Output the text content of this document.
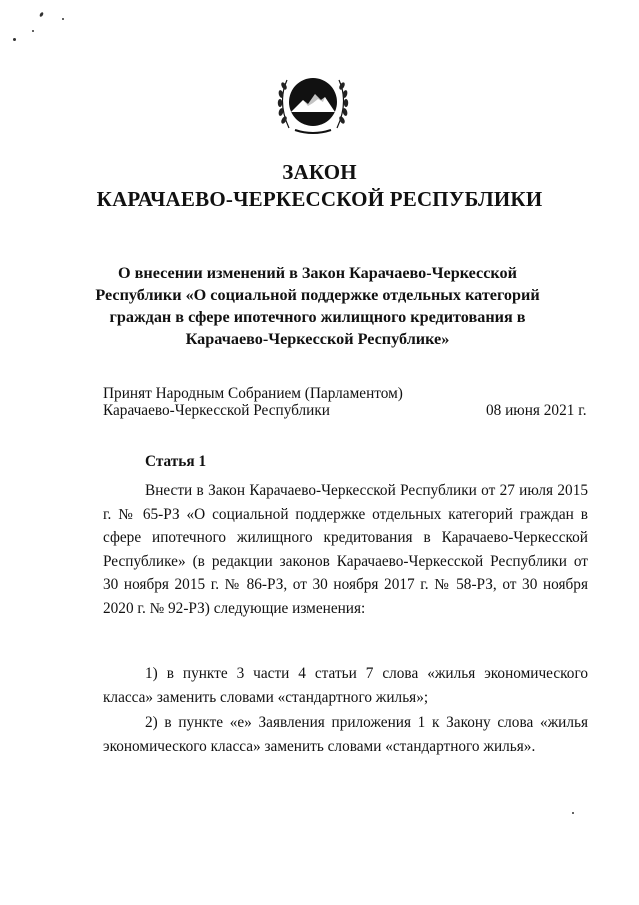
ЗАКОН
КАРАЧАЕВО-ЧЕРКЕССКОЙ РЕСПУБЛИКИ
О внесении изменений в Закон Карачаево-Черкесской Республики «О социальной поддержке отдельных категорий граждан в сфере ипотечного жилищного кредитования в Карачаево-Черкесской Республике»
Принят Народным Собранием (Парламентом)
Карачаево-Черкесской Республики	08 июня 2021 г.
Статья 1
Внести в Закон Карачаево-Черкесской Республики от 27 июля 2015 г. № 65-РЗ «О социальной поддержке отдельных категорий граждан в сфере ипотечного жилищного кредитования в Карачаево-Черкесской Республике» (в редакции законов Карачаево-Черкесской Республики от 30 ноября 2015 г. № 86-РЗ, от 30 ноября 2017 г. № 58-РЗ, от 30 ноября 2020 г. № 92-РЗ) следующие изменения:
1) в пункте 3 части 4 статьи 7 слова «жилья экономического класса» заменить словами «стандартного жилья»;
2) в пункте «е» Заявления приложения 1 к Закону слова «жилья экономического класса» заменить словами «стандартного жилья».
